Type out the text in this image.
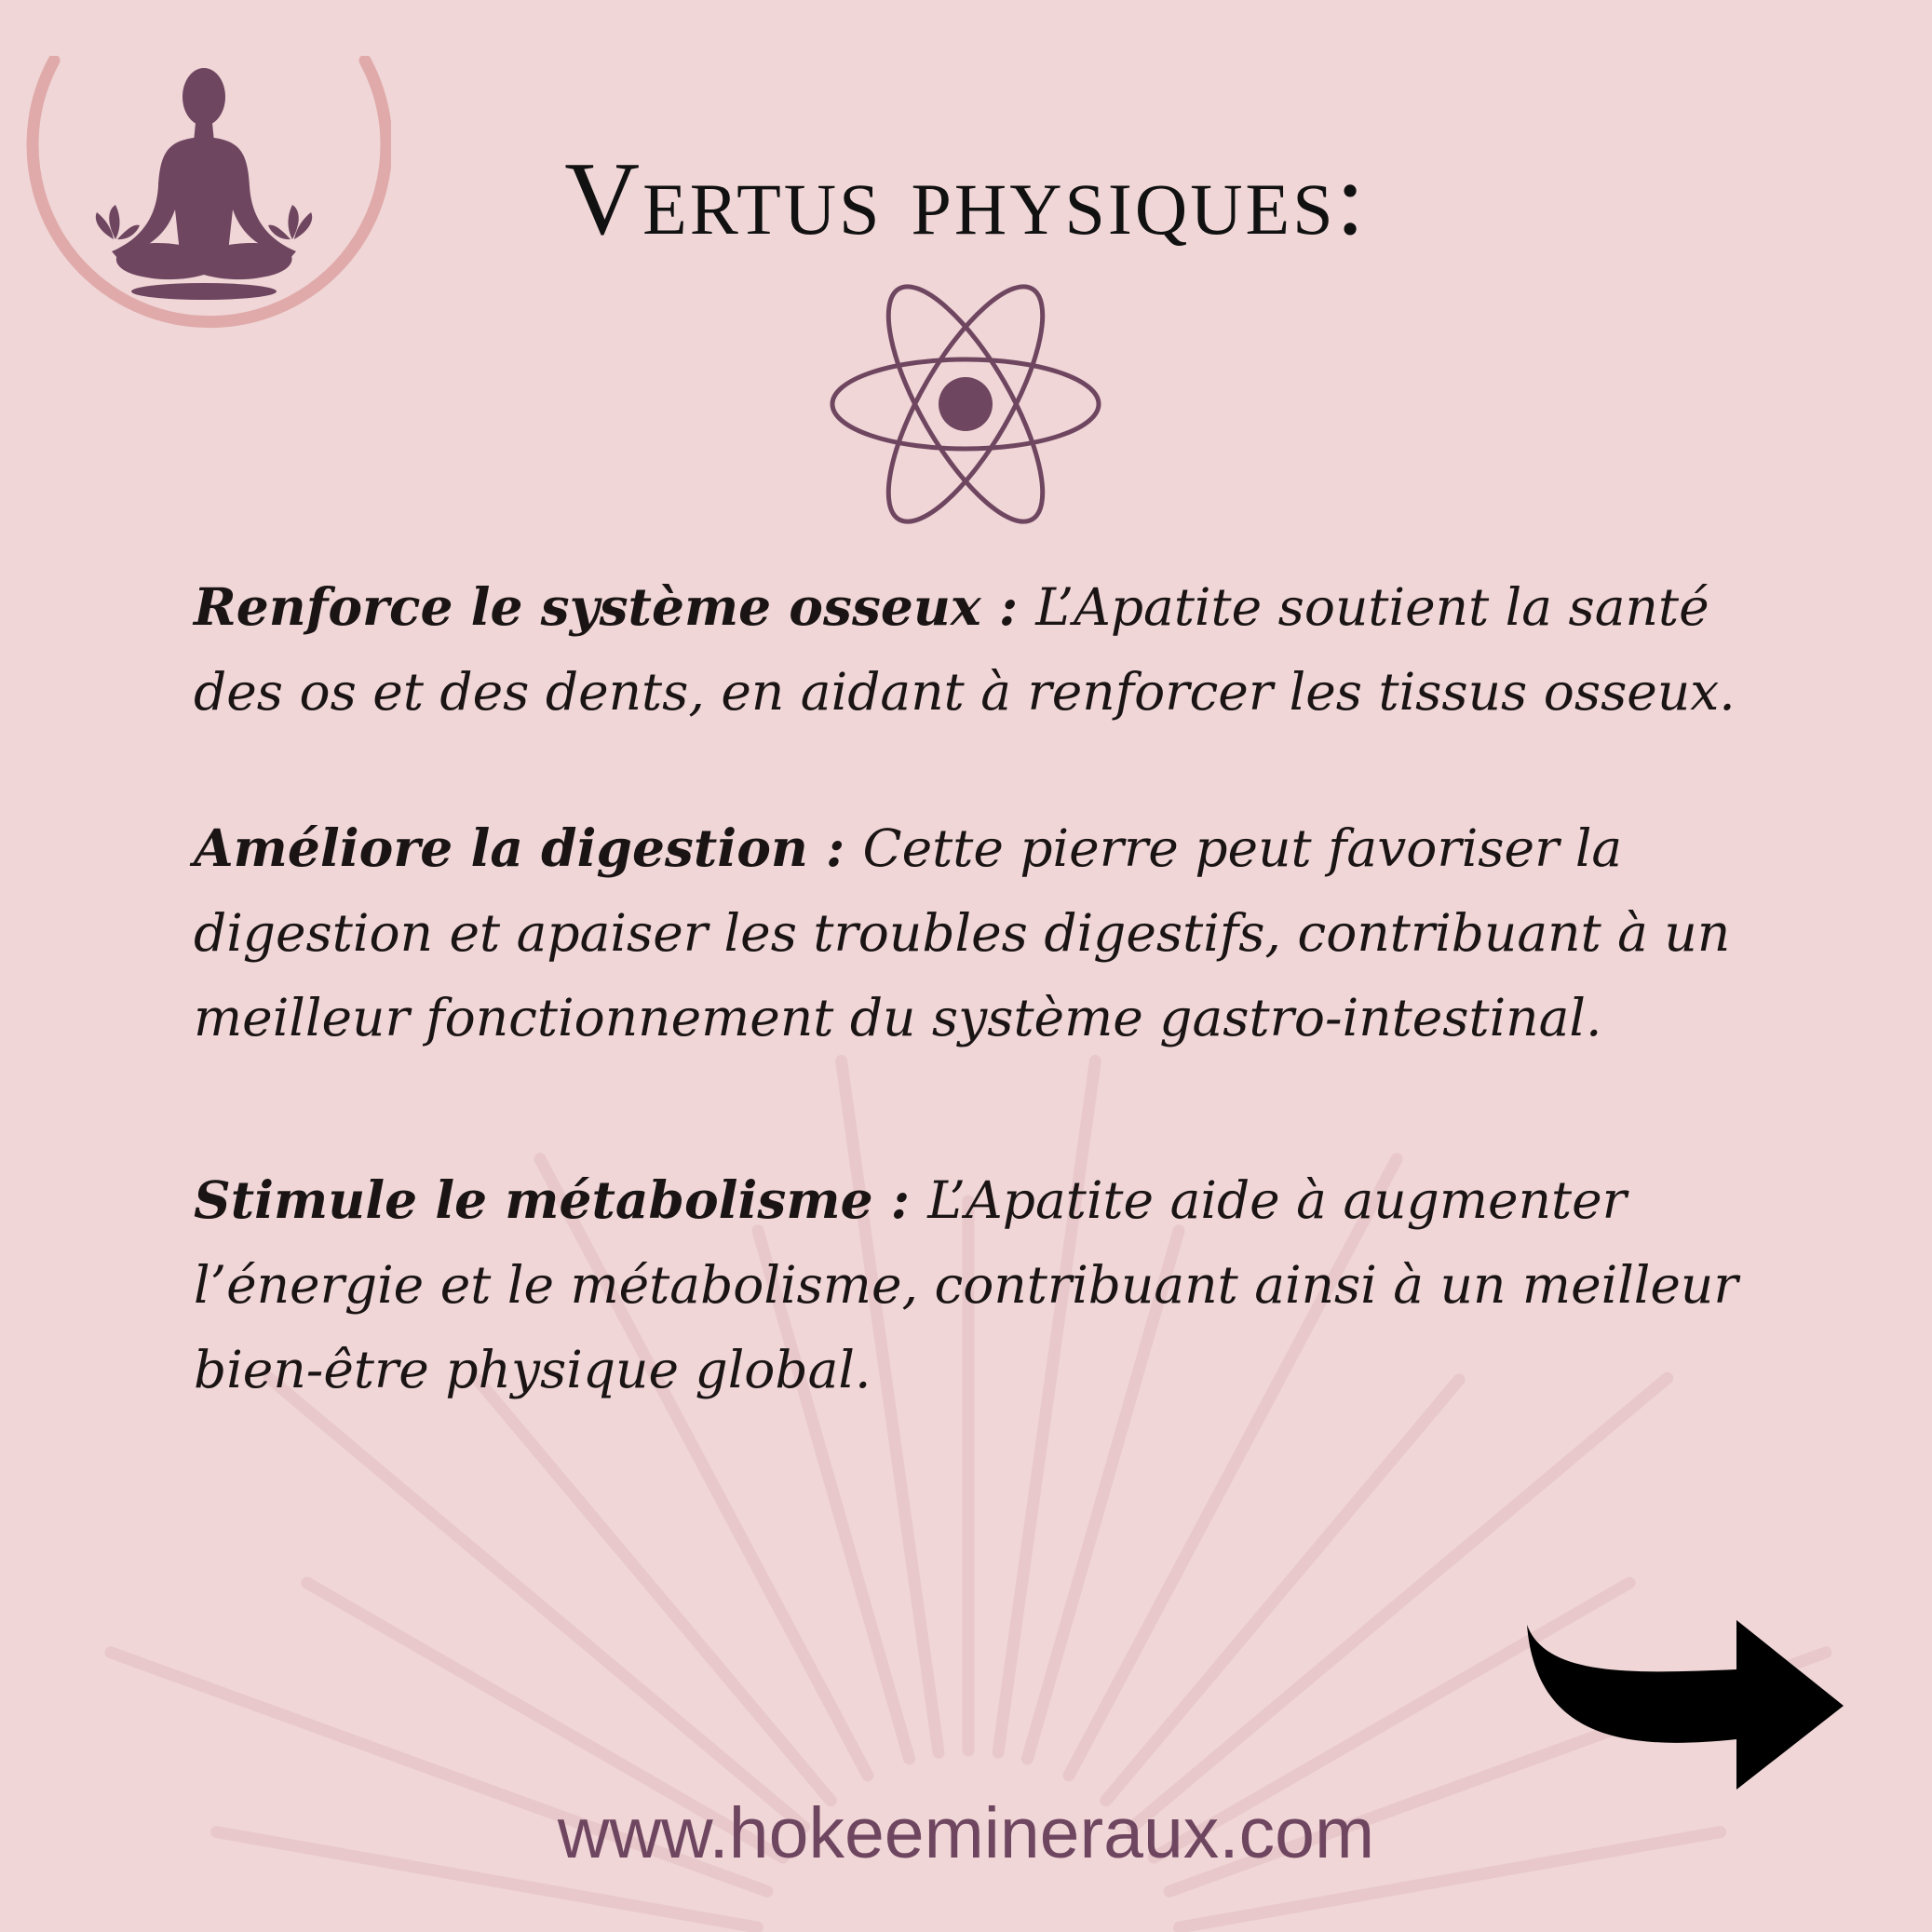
Vertus physiques:

Renforce le système osseux : L’Apatite soutient la santé des os et des dents, en aidant à renforcer les tissus osseux.

Améliore la digestion : Cette pierre peut favoriser la digestion et apaiser les troubles digestifs, contribuant à un meilleur fonctionnement du système gastro-intestinal.

Stimule le métabolisme : L’Apatite aide à augmenter l’énergie et le métabolisme, contribuant ainsi à un meilleur bien-être physique global.

www.hokeemineraux.com
